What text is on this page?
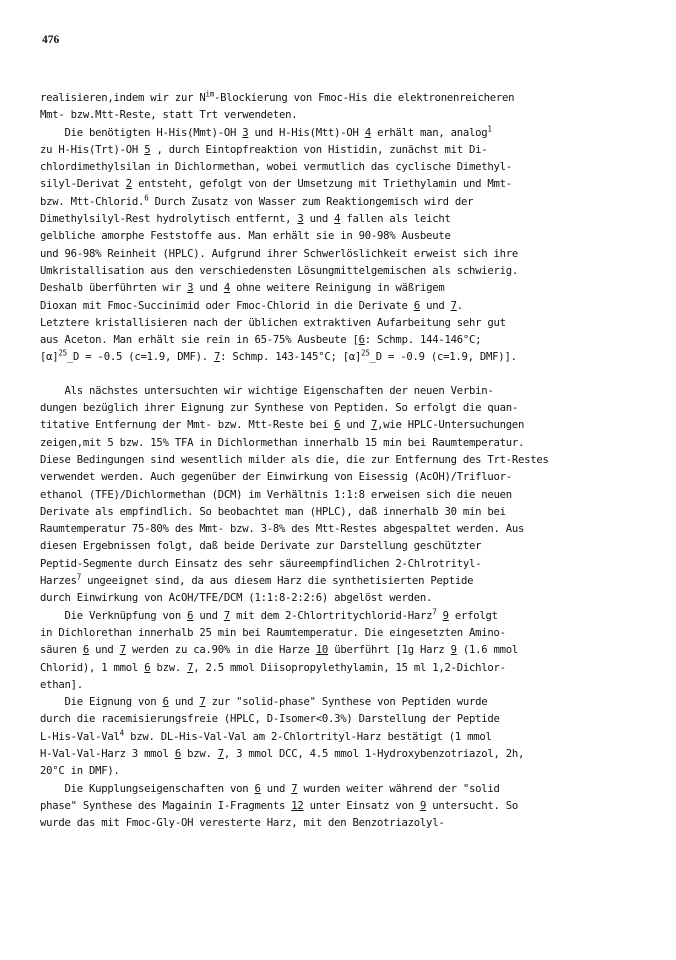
476
realisieren,indem wir zur $N^{im}$-Blockierung von Fmoc-His die elektronenreicheren
Mmt- bzw.Mtt-Reste, statt Trt verwendeten.
Die benötigten H-His(Mmt)-OH 3 und H-His(Mtt)-OH 4 erhält man, analog$^1$
zu H-His(Trt)-OH 5 , durch Eintopfreaktion von Histidin, zunächst mit Di-
chlordimethylsilan in Dichlormethan, wobei vermutlich das cyclische Dimethyl-
silyl-Derivat 2 entsteht, gefolgt von der Umsetzung mit Triethylamin und Mmt-
bzw. Mtt-Chlorid.$^6$ Durch Zusatz von Wasser zum Reaktiongemisch wird der
Dimethylsilyl-Rest hydrolytisch entfernt, 3 und 4 fallen als leicht
gelbliche amorphe Feststoffe aus. Man erhält sie in 90-98% Ausbeute
und 96-98% Reinheit (HPLC). Aufgrund ihrer Schwerlöslichkeit erweist sich ihre
Umkristallisation aus den verschiedensten Lösungmittelgemischen als schwierig.
Deshalb überführten wir 3 und 4 ohne weitere Reinigung in wäßrigem
Dioxan mit Fmoc-Succinimid oder Fmoc-Chlorid in die Derivate 6 und 7.
Letztere kristallisieren nach der üblichen extraktiven Aufarbeitung sehr gut
aus Aceton. Man erhält sie rein in 65-75% Ausbeute [6: Schmp. 144-146°C;
$[\alpha]^{25}\_D = -0.5$ (c=1.9, DMF). 7: Schmp. 143-145°C; $[\alpha]^{25}\_D = -0.9$ (c=1.9, DMF)].
Als nächstes untersuchten wir wichtige Eigenschaften der neuen Verbin-
dungen bezüglich ihrer Eignung zur Synthese von Peptiden. So erfolgt die quan-
titative Entfernung der Mmt- bzw. Mtt-Reste bei 6 und 7,wie HPLC-Untersuchungen
zeigen,mit 5 bzw. 15% TFA in Dichlormethan innerhalb 15 min bei Raumtemperatur.
Diese Bedingungen sind wesentlich milder als die, die zur Entfernung des Trt-Restes
verwendet werden. Auch gegenüber der Einwirkung von Eisessig (AcOH)/Trifluor-
ethanol (TFE)/Dichlormethan (DCM) im Verhältnis 1:1:8 erweisen sich die neuen
Derivate als empfindlich. So beobachtet man (HPLC), daß innerhalb 30 min bei
Raumtemperatur 75-80% des Mmt- bzw. 3-8% des Mtt-Restes abgespaltet werden. Aus
diesen Ergebnissen folgt, daß beide Derivate zur Darstellung geschützter
Peptid-Segmente durch Einsatz des sehr säureempfindlichen 2-Chlrotrityl-
Harzes$^7$ ungeeignet sind, da aus diesem Harz die synthetisierten Peptide
durch Einwirkung von AcOH/TFE/DCM (1:1:8-2:2:6) abgelöst werden.
Die Verknüpfung von 6 und 7 mit dem 2-Chlortritychlorid-Harz$^7$ 9 erfolgt
in Dichlorethan innerhalb 25 min bei Raumtemperatur. Die eingesetzten Amino-
säuren 6 und 7 werden zu ca.90% in die Harze 10 überführt [1g Harz 9 (1.6 mmol
Chlorid), 1 mmol 6 bzw. 7, 2.5 mmol Diisopropylethylamin, 15 ml 1,2-Dichlor-
ethan].
Die Eignung von 6 und 7 zur "solid-phase" Synthese von Peptiden wurde
durch die racemisierungsfreie (HPLC, D-Isomer<0.3%) Darstellung der Peptide
L-His-Val-Val$^4$ bzw. DL-His-Val-Val am 2-Chlortrityl-Harz bestätigt (1 mmol
H-Val-Val-Harz 3 mmol 6 bzw. 7, 3 mmol DCC, 4.5 mmol 1-Hydroxybenzotriazol, 2h,
20°C in DMF).
Die Kupplungseigenschaften von 6 und 7 wurden weiter während der "solid
phase" Synthese des Magainin I-Fragments 12 unter Einsatz von 9 untersucht. So
wurde das mit Fmoc-Gly-OH veresterte Harz, mit den Benzotriazolyl-
